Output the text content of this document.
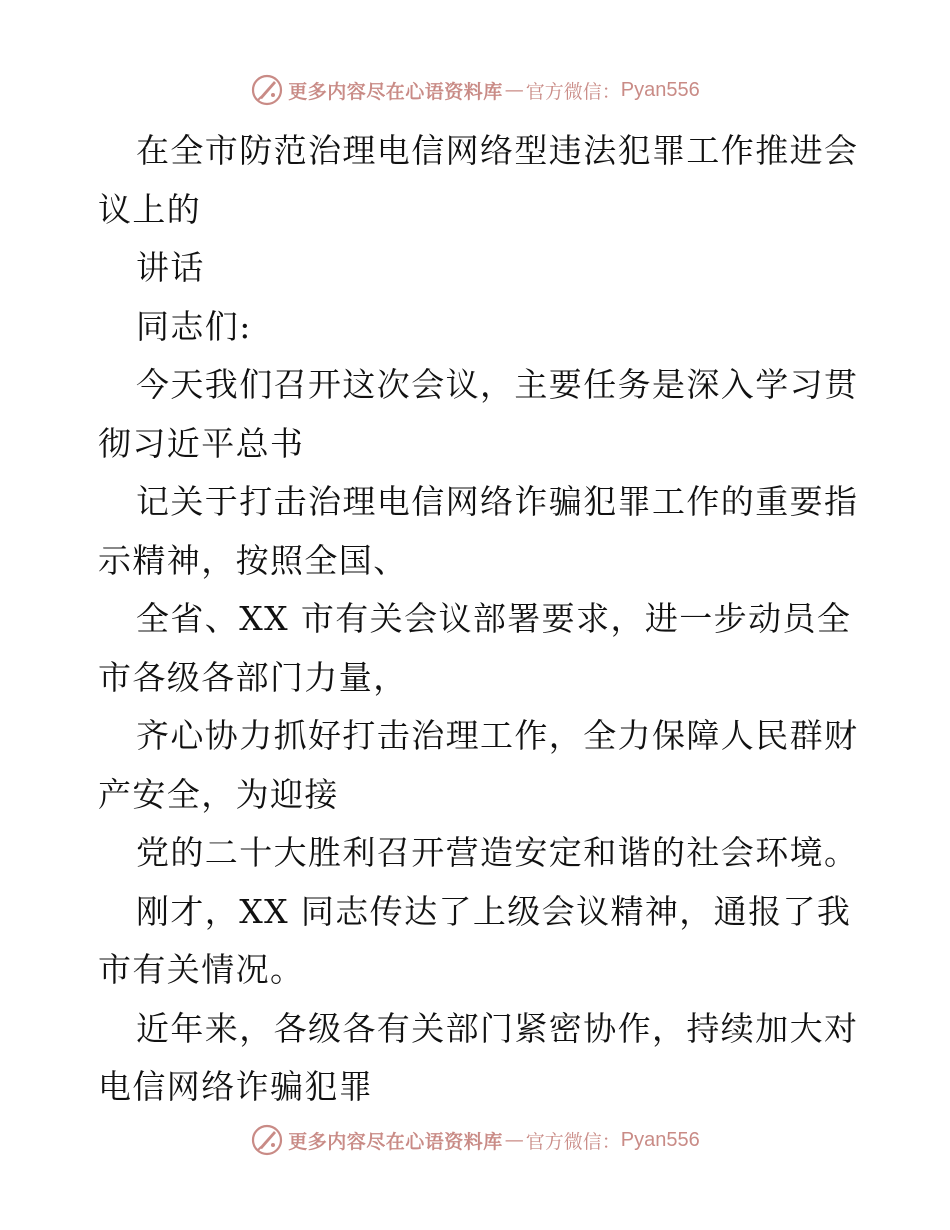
更多内容尽在心语资料库 — 官方微信： Pyan556
在全市防范治理电信网络型违法犯罪工作推进会
议上的
讲话
同志们:
今天我们召开这次会议，主要任务是深入学习贯
彻习近平总书
记关于打击治理电信网络诈骗犯罪工作的重要指
示精神，按照全国、
全省、XX 市有关会议部署要求，进一步动员全
市各级各部门力量，
齐心协力抓好打击治理工作，全力保障人民群财
产安全，为迎接
党的二十大胜利召开营造安定和谐的社会环境。
刚才，XX 同志传达了上级会议精神，通报了我
市有关情况。
近年来，各级各有关部门紧密协作，持续加大对
电信网络诈骗犯罪
更多内容尽在心语资料库 — 官方微信： Pyan556
